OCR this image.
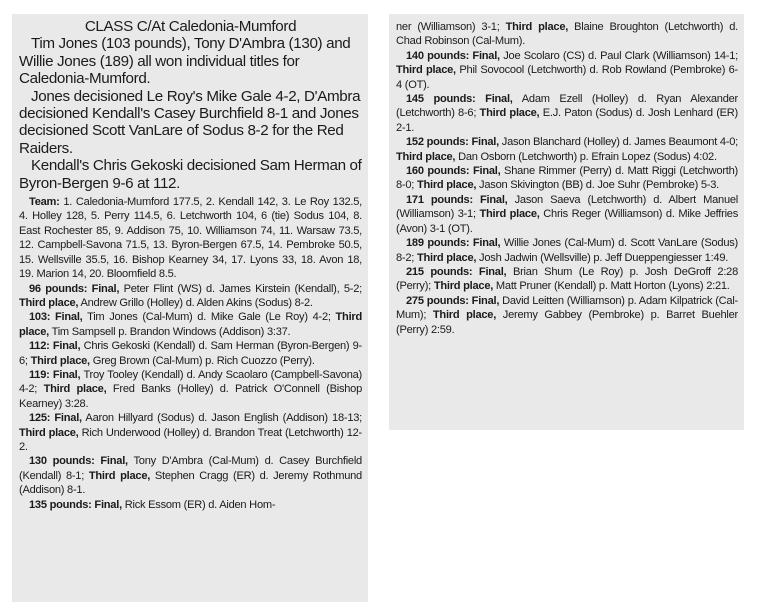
CLASS C/At Caledonia-Mumford

Tim Jones (103 pounds), Tony D'Ambra (130) and Willie Jones (189) all won individual titles for Caledonia-Mumford.

Jones decisioned Le Roy's Mike Gale 4-2, D'Ambra decisioned Kendall's Casey Burchfield 8-1 and Jones decisioned Scott VanLare of Sodus 8-2 for the Red Raiders.

Kendall's Chris Gekoski decisioned Sam Herman of Byron-Bergen 9-6 at 112.

Team: 1. Caledonia-Mumford 177.5, 2. Kendall 142, 3. Le Roy 132.5, 4. Holley 128, 5. Perry 114.5, 6. Letchworth 104, 6 (tie) Sodus 104, 8. East Rochester 85, 9. Addison 75, 10. Williamson 74, 11. Warsaw 73.5, 12. Campbell-Savona 71.5, 13. Byron-Bergen 67.5, 14. Pembroke 50.5, 15. Wellsville 35.5, 16. Bishop Kearney 34, 17. Lyons 33, 18. Avon 18, 19. Marion 14, 20. Bloomfield 8.5.

96 pounds: Final, Peter Flint (WS) d. James Kirstein (Kendall), 5-2; Third place, Andrew Grillo (Holley) d. Alden Akins (Sodus) 8-2.

103: Final, Tim Jones (Cal-Mum) d. Mike Gale (Le Roy) 4-2; Third place, Tim Sampsell p. Brandon Windows (Addison) 3:37.

112: Final, Chris Gekoski (Kendall) d. Sam Herman (Byron-Bergen) 9-6; Third place, Greg Brown (Cal-Mum) p. Rich Cuozzo (Perry).

119: Final, Troy Tooley (Kendall) d. Andy Scaolaro (Campbell-Savona) 4-2; Third place, Fred Banks (Holley) d. Patrick O'Connell (Bishop Kearney) 3:28.

125: Final, Aaron Hillyard (Sodus) d. Jason English (Addison) 18-13; Third place, Rich Underwood (Holley) d. Brandon Treat (Letchworth) 12-2.

130 pounds: Final, Tony D'Ambra (Cal-Mum) d. Casey Burchfield (Kendall) 8-1; Third place, Stephen Cragg (ER) d. Jeremy Rothmund (Addison) 8-1.

135 pounds: Final, Rick Essom (ER) d. Aiden Hom-

ner (Williamson) 3-1; Third place, Blaine Broughton (Letchworth) d. Chad Robinson (Cal-Mum).

140 pounds: Final, Joe Scolaro (CS) d. Paul Clark (Williamson) 14-1; Third place, Phil Sovocool (Letchworth) d. Rob Rowland (Pembroke) 6-4 (OT).

145 pounds: Final, Adam Ezell (Holley) d. Ryan Alexander (Letchworth) 8-6; Third place, E.J. Paton (Sodus) d. Josh Lenhard (ER) 2-1.

152 pounds: Final, Jason Blanchard (Holley) d. James Beaumont 4-0; Third place, Dan Osborn (Letchworth) p. Efrain Lopez (Sodus) 4:02.

160 pounds: Final, Shane Rimmer (Perry) d. Matt Riggi (Letchworth) 8-0; Third place, Jason Skivington (BB) d. Joe Suhr (Pembroke) 5-3.

171 pounds: Final, Jason Saeva (Letchworth) d. Albert Manuel (Williamson) 3-1; Third place, Chris Reger (Williamson) d. Mike Jeffries (Avon) 3-1 (OT).

189 pounds: Final, Willie Jones (Cal-Mum) d. Scott VanLare (Sodus) 8-2; Third place, Josh Jadwin (Wellsville) p. Jeff Dueppengiesser 1:49.

215 pounds: Final, Brian Shum (Le Roy) p. Josh DeGroff 2:28 (Perry); Third place, Matt Pruner (Kendall) p. Matt Horton (Lyons) 2:21.

275 pounds: Final, David Leitten (Williamson) p. Adam Kilpatrick (Cal-Mum); Third place, Jeremy Gabbey (Pembroke) p. Barret Buehler (Perry) 2:59.
